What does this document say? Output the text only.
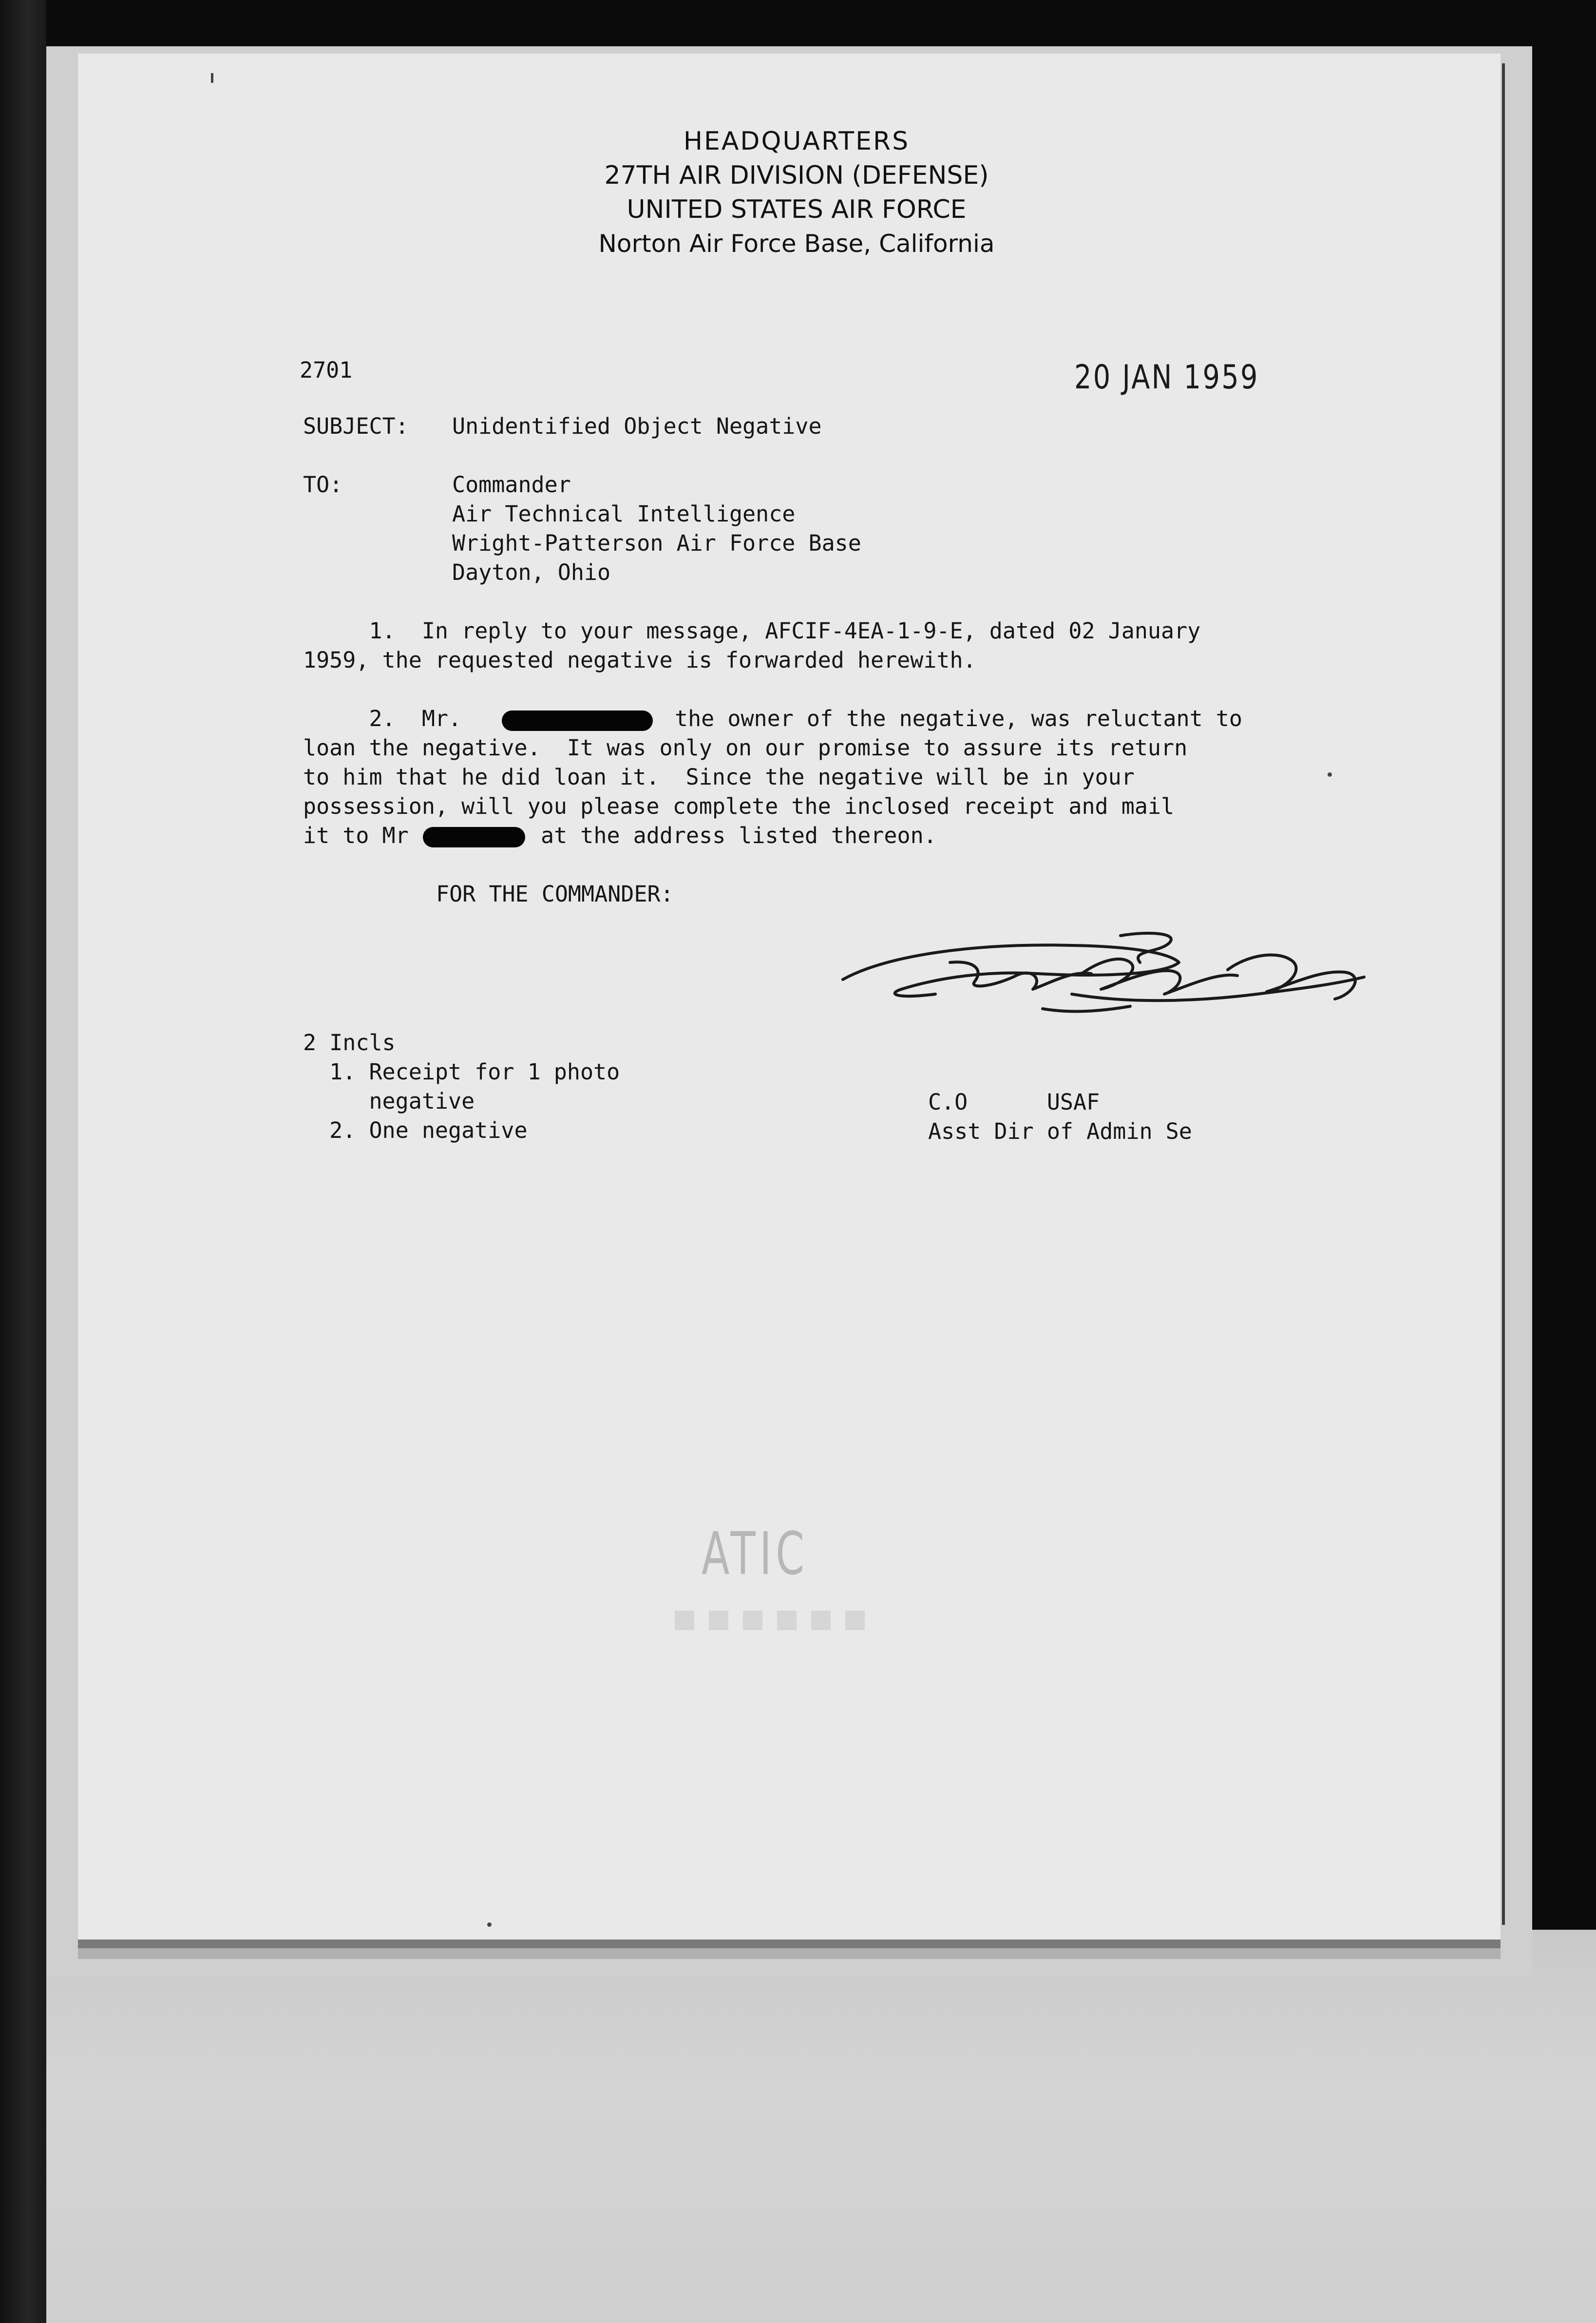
HEADQUARTERS
27TH AIR DIVISION (DEFENSE)
UNITED STATES AIR FORCE
Norton Air Force Base, California
2701	20 JAN 1959
SUBJECT: Unidentified Object Negative
TO:	Commander
Air Technical Intelligence
Wright-Patterson Air Force Base
Dayton, Ohio
1.  In reply to your message, AFCIF-4EA-1-9-E, dated 02 January
1959, the requested negative is forwarded herewith.
2.  Mr.	the owner of the negative, was reluctant to
loan the negative.  It was only on our promise to assure its return
to him that he did loan it.  Since the negative will be in your
possession, will you please complete the inclosed receipt and mail
it to Mr	at the address listed thereon.
FOR THE COMMANDER:
2 Incls
1. Receipt for 1 photo
negative
2. One negative
C.O      USAF
Asst Dir of Admin Se
ATIC
